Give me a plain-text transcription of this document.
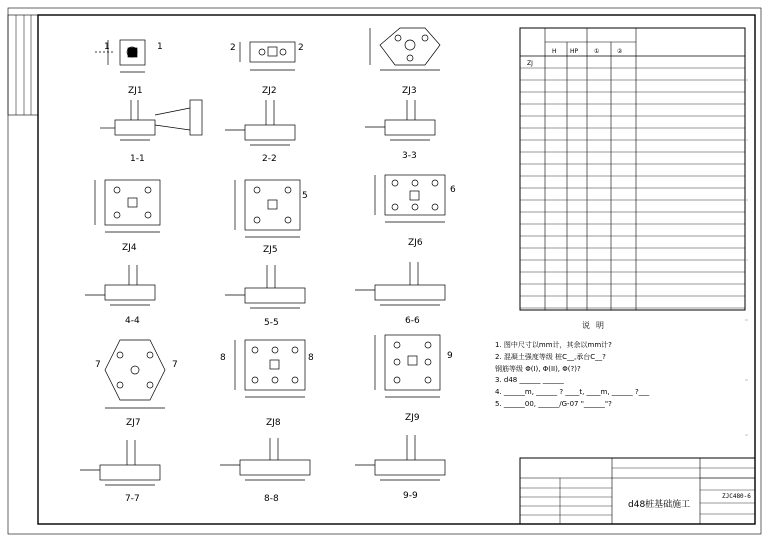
1	1
ZJ1
1-1
ZJ4
4-4
7	7
ZJ7
7-7
2	2
ZJ2
2-2
5
ZJ5
5-5
8	8
ZJ8
8-8
ZJ3
3-3
6
ZJ6
6-6
9
ZJ9
9-9
H HP	①	②
ZJ
说明
1. 图中尺寸以mm计，其余以mm计?
2. 混凝土强度等级 桩C__,承台C__?
钢筋等级 Φ(I), Φ(II), Φ(?)?
3. d48 ______ ______
4. ______m, ______ ? ____t, ____m, ______ ?___
5. ______00, ______/G-07 "______"?
d48桩基础施工
ZJC480-6
